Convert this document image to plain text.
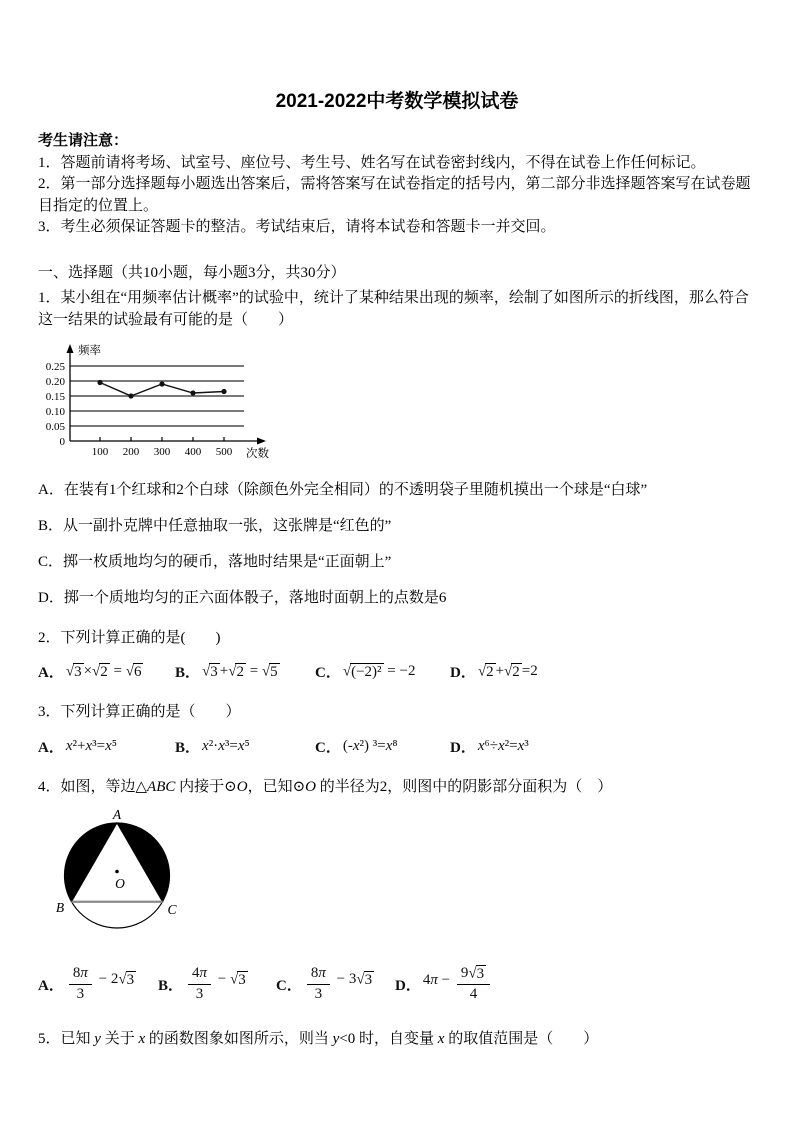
2021-2022中考数学模拟试卷

考生请注意：

1．答题前请将考场、试室号、座位号、考生号、姓名写在试卷密封线内，不得在试卷上作任何标记。

2．第一部分选择题每小题选出答案后，需将答案写在试卷指定的括号内，第二部分非选择题答案写在试卷题目指定的位置上。

3．考生必须保证答题卡的整洁。考试结束后，请将本试卷和答题卡一并交回。

一、选择题（共10小题，每小题3分，共30分）

1．某小组在“用频率估计概率”的试验中，统计了某种结果出现的频率，绘制了如图所示的折线图，那么符合这一结果的试验最有可能的是（　　）

0
0.05
0.10
0.15
0.20
0.25
100 200 300 400 500
频率
次数

A．在装有1个红球和2个白球（除颜色外完全相同）的不透明袋子里随机摸出一个球是“白球”

B．从一副扑克牌中任意抽取一张，这张牌是“红色的”

C．掷一枚质地均匀的硬币，落地时结果是“正面朝上”

D．掷一个质地均匀的正六面体骰子，落地时面朝上的点数是6

2．下列计算正确的是(　　)

A． √ 3 × √ 2 = √ 6 B． √ 3 + √ 2 = √ 5 C． √ (−2)² = −2 D． √ 2 + √ 2 =2

3．下列计算正确的是（　　）

A． x²+x³=x⁵	B． x²·x³=x⁵	C． (-x²) ³=x⁸	D． x⁶÷x²=x³

4．如图，等边△ABC 内接于⊙O，已知⊙O 的半径为2，则图中的阴影部分面积为（　）

O
A
B	C
A． $\frac{8\pi}{3} - 2$ √ 3 B． $\frac{4\pi}{3}$ − √ 3 C． $\frac{8\pi}{3} - 3$ √ 3 D． $4\pi - \frac{9 √ 3}{4}$

5．已知 y 关于 x 的函数图象如图所示，则当 y<0 时，自变量 x 的取值范围是（　　）
